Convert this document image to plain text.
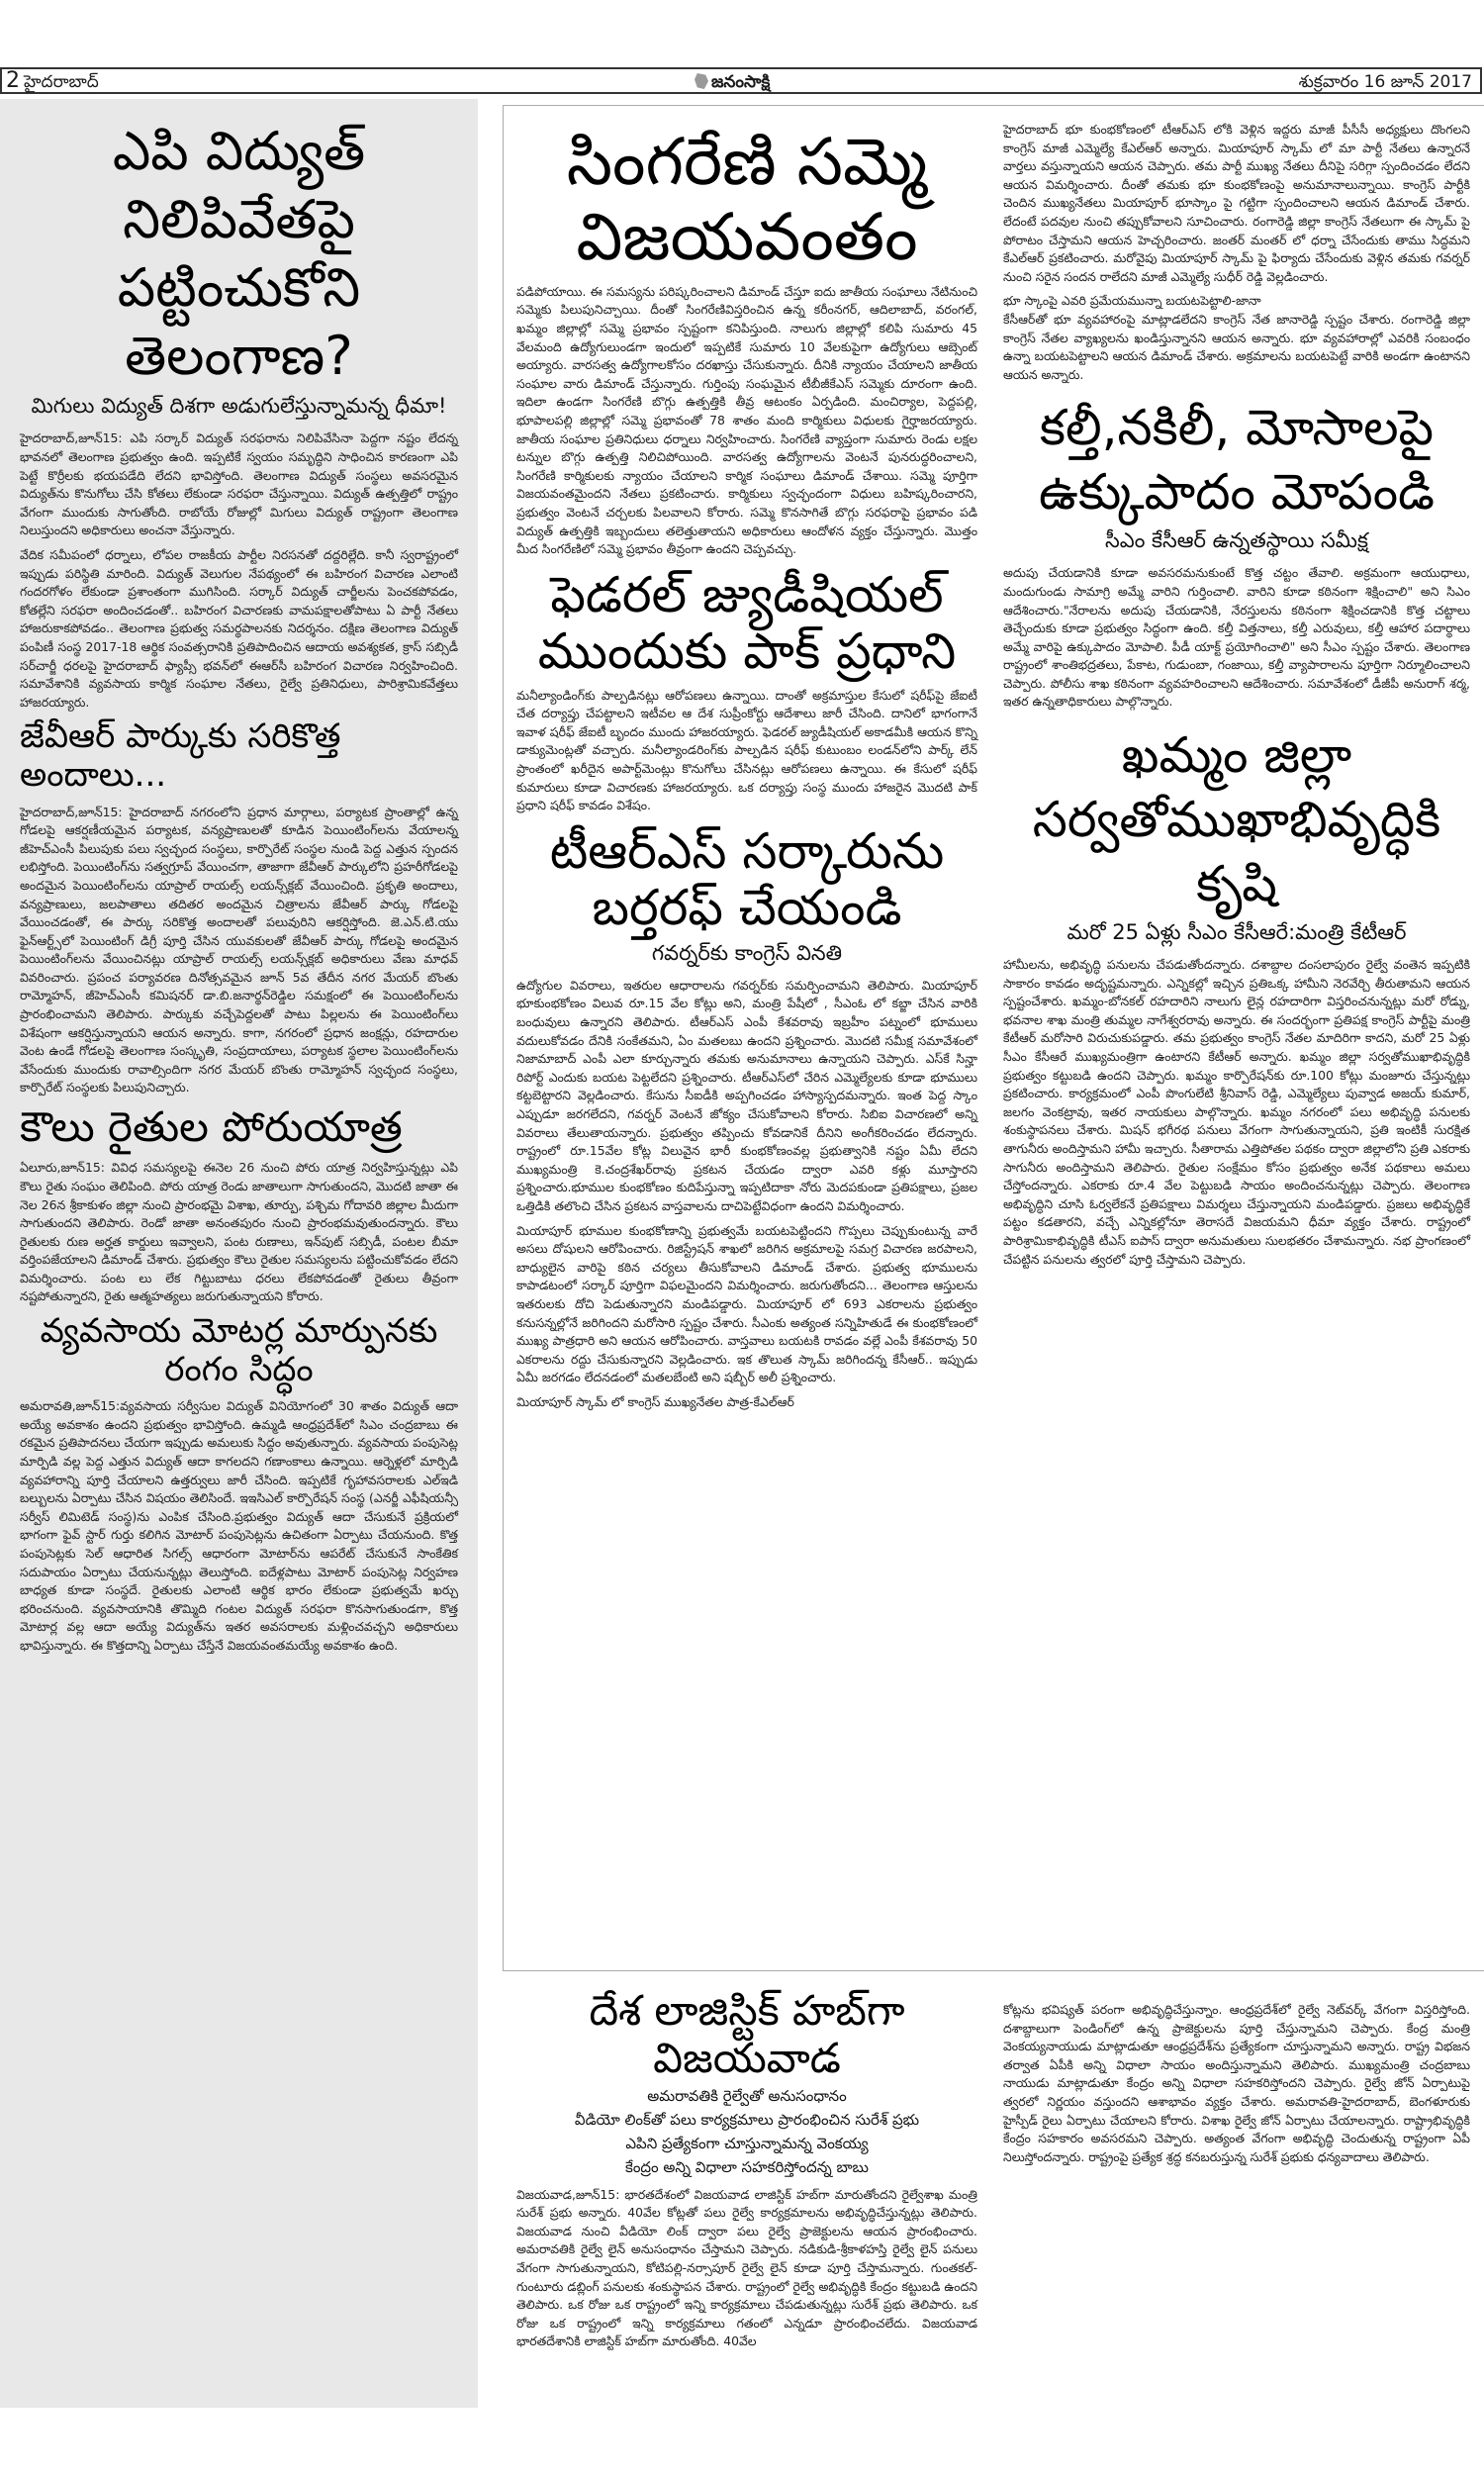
2 హైదరాబాద్	జనంసాక్షి	శుక్రవారం 16 జూన్ 2017
ఎపి విద్యుత్ నిలిపివేతపై పట్టించుకోని తెలంగాణ?
మిగులు విద్యుత్ దిశగా అడుగులేస్తున్నామన్న ధీమా!

హైదరాబాద్,జూన్15: ఎపి సర్కార్ విద్యుత్ సరఫరాను నిలిపివేసినా పెద్దగా నష్టం లేదన్న భావనలో తెలంగాణ ప్రభుత్వం ఉంది. ఇప్పటికే స్వయం సమృద్ధిని సాధించిన కారణంగా ఎపి పెట్టే కొర్రీలకు భయపడేది లేదని భావిస్తోంది. తెలంగాణ విద్యుత్ సంస్థలు అవసరమైన విద్యుత్‌ను కొనుగోలు చేసి కోతలు లేకుండా సరఫరా చేస్తున్నాయి. విద్యుత్ ఉత్పత్తిలో రాష్ట్రం వేగంగా ముందుకు సాగుతోంది. రాబోయే రోజుల్లో మిగులు విద్యుత్ రాష్ట్రంగా తెలంగాణ నిలుస్తుందని అధికారులు అంచనా వేస్తున్నారు.

వేదిక సమీపంలో ధర్నాలు, లోపల రాజకీయ పార్టీల నిరసనతో దద్దరిల్లేది. కానీ స్వరాష్ట్రంలో ఇప్పుడు పరిస్థితి మారింది. విద్యుత్ వెలుగుల నేపథ్యంలో ఈ బహిరంగ విచారణ ఎలాంటి గందరగోళం లేకుండా ప్రశాంతంగా ముగిసింది. సర్కార్ విద్యుత్ చార్జీలను పెంచకపోవడం, కోతల్లేని సరఫరా అందించడంతో.. బహిరంగ విచారణకు వామపక్షాలతోపాటు ఏ పార్టీ నేతలు హాజరుకాకపోవడం.. తెలంగాణ ప్రభుత్వ సమర్థపాలనకు నిదర్శనం. దక్షిణ తెలంగాణ విద్యుత్ పంపిణీ సంస్థ 2017-18 ఆర్థిక సంవత్సరానికి ప్రతిపాదించిన ఆదాయ అవశ్యకత, క్రాస్ సబ్సిడీ సర్‌చార్జీ ధరలపై హైదరాబాద్ ఫ్యాప్సీ భవన్‌లో ఈఆర్‌సీ బహిరంగ విచారణ నిర్వహించింది. సమావేశానికి వ్యవసాయ కార్మిక సంఘాల నేతలు, రైల్వే ప్రతినిధులు, పారిశ్రామికవేత్తలు హాజరయ్యారు.

జేవీఆర్ పార్కుకు సరికొత్త అందాలు...

హైదరాబాద్,జూన్15: హైదరాబాద్ నగరంలోని ప్రధాన మార్గాలు, పర్యాటక ప్రాంతాల్లో ఉన్న గోడలపై ఆకర్షణీయమైన పర్యాటక, వన్యప్రాణులతో కూడిన పెయింటింగ్‌లను వేయాలన్న జీహెచ్‌ఎంసీ పిలుపుకు పలు స్వచ్ఛంద సంస్థలు, కార్పొరేట్ సంస్థల నుండి పెద్ద ఎత్తున స్పందన లభిస్తోంది. పెయింటింగ్‌ను సత్వగ్రూప్ వేయించగా, తాజాగా జేవీఆర్ పార్కులోని ప్రహరీగోడలపై అందమైన పెయింటింగ్‌లను యాప్రాల్ రాయల్స్ లయన్స్‌క్లబ్ వేయించింది. ప్రకృతి అందాలు, వన్యప్రాణులు, జలపాతాలు తదితర అందమైన చిత్రాలను జేవీఆర్ పార్కు గోడలపై వేయించడంతో, ఈ పార్కు సరికొత్త అందాలతో పలువురిని ఆకర్షిస్తోంది. జె.ఎన్.టి.యు ఫైన్‌ఆర్ట్స్‌లో పెయింటింగ్ డిగ్రీ పూర్తి చేసిన యువకులతో జేవీఆర్ పార్కు గోడలపై అందమైన పెయింటింగ్‌లను వేయించినట్లు యాప్రాల్ రాయల్స్ లయన్స్‌క్లబ్ అధికారులు వేణు మాధవ్ వివరించారు. ప్రపంచ పర్యావరణ దినోత్సవమైన జూన్ 5వ తేదీన నగర మేయర్ బొంతు రామ్మోహన్, జీహెచ్‌ఎంసీ కమిషనర్ డా.బి.జనార్థన్‌రెడ్డిల సమక్షంలో ఈ పెయింటింగ్‌లను ప్రారంభించామని తెలిపారు. పార్కుకు వచ్చేపెద్దలతో పాటు పిల్లలను ఈ పెయింటింగ్‌లు విశేషంగా ఆకర్షిస్తున్నాయని ఆయన అన్నారు. కాగా, నగరంలో ప్రధాన జంక్షన్లు, రహదారుల వెంట ఉండే గోడలపై తెలంగాణ సంస్కృతి, సంప్రదాయాలు, పర్యాటక స్థలాల పెయింటింగ్‌లను వేసేందుకు ముందుకు రావాల్సిందిగా నగర మేయర్ బొంతు రామ్మోహన్ స్వచ్ఛంద సంస్థలు, కార్పొరేట్ సంస్థలకు పిలుపునిచ్చారు.

కౌలు రైతుల పోరుయాత్ర

ఏలూరు,జూన్15: వివిధ సమస్యలపై ఈనెల 26 నుంచి పోరు యాత్ర నిర్వహిస్తున్నట్లు ఎపి కౌలు రైతు సంఘం తెలిపింది. పోరు యాత్ర రెండు జాతాలుగా సాగుతుందని, మొదటి జాతా ఈ నెల 26న శ్రీకాకుళం జిల్లా నుంచి ప్రారంభమై విశాఖ, తూర్పు, పశ్చిమ గోదావరి జిల్లాల మీదుగా సాగుతుందని తెలిపారు. రెండో జాతా అనంతపురం నుంచి ప్రారంభమవుతుందన్నారు. కౌలు రైతులకు రుణ అర్హత కార్డులు ఇవ్వాలని, పంట రుణాలు, ఇన్‌పుట్ సబ్సిడీ, పంటల బీమా వర్తింపజేయాలని డిమాండ్ చేశారు. ప్రభుత్వం కౌలు రైతుల సమస్యలను పట్టించుకోవడం లేదని విమర్శించారు. పంట లు లేక గిట్టుబాటు ధరలు లేకపోవడంతో రైతులు తీవ్రంగా నష్టపోతున్నారని, రైతు ఆత్మహత్యలు జరుగుతున్నాయని కోరారు.

వ్యవసాయ మోటర్ల మార్పునకు రంగం సిద్ధం

అమరావతి,జూన్15:వ్యవసాయ సర్వీసుల విద్యుత్ వినియోగంలో 30 శాతం విద్యుత్ ఆదా అయ్యే అవకాశం ఉందని ప్రభుత్వం భావిస్తోంది. ఉమ్మడి ఆంధ్రప్రదేశ్‌లో సిఎం చంద్రబాబు ఈ రకమైన ప్రతిపాదనలు చేయగా ఇప్పుడు అమలుకు సిద్ధం అవుతున్నారు. వ్యవసాయ పంపుసెట్ల మార్పిడి వల్ల పెద్ద ఎత్తున విద్యుత్ ఆదా కాగలదని గణాంకాలు ఉన్నాయి. ఆర్నెళ్లలో మార్పిడి వ్యవహారాన్ని పూర్తి చేయాలని ఉత్తర్వులు జారీ చేసింది. ఇప్పటికే గృహావసరాలకు ఎల్‌ఇడి బల్బులను ఏర్పాటు చేసిన విషయం తెలిసిందే. ఇఇసిఎల్ కార్పొరేషన్ సంస్థ (ఎనర్జీ ఎఫీషియన్సీ సర్వీస్ లిమిటెడ్ సంస్థ)ను ఎంపిక చేసింది.ప్రభుత్వం విద్యుత్ ఆదా చేసుకునే ప్రక్రియలో భాగంగా ఫైవ్ స్టార్ గుర్తు కలిగిన మోటార్ పంపుసెట్లను ఉచితంగా ఏర్పాటు చేయనుంది. కొత్త పంపుసెట్లకు సెల్ ఆధారిత సిగల్స్ ఆధారంగా మోటార్‌ను ఆపరేట్ చేసుకునే సాంకేతిక సదుపాయం ఏర్పాటు చేయనున్నట్లు తెలుస్తోంది. ఐదేళ్లపాటు మోటార్ పంపుసెట్ల నిర్వహణ బాధ్యత కూడా సంస్థదే. రైతులకు ఎలాంటి ఆర్థిక భారం లేకుండా ప్రభుత్వమే ఖర్చు భరించనుంది. వ్యవసాయానికి తొమ్మిది గంటల విద్యుత్ సరఫరా కొనసాగుతుండగా, కొత్త మోటార్ల వల్ల ఆదా అయ్యే విద్యుత్‌ను ఇతర అవసరాలకు మళ్లించవచ్చని అధికారులు భావిస్తున్నారు. ఈ కొత్తదాన్ని ఏర్పాటు చేస్తేనే విజయవంతమయ్యే అవకాశం ఉంది.

సింగరేణి సమ్మె విజయవంతం

పడిపోయాయి. ఈ సమస్యను పరిష్కరించాలని డిమాండ్ చేస్తూ ఐదు జాతీయ సంఘాలు నేటినుంచి సమ్మెకు పిలుపునిచ్చాయి. దీంతో సింగరేణివిస్తరించిన ఉన్న కరీంనగర్, ఆదిలాబాద్, వరంగల్, ఖమ్మం జిల్లాల్లో సమ్మె ప్రభావం స్పష్టంగా కనిపిస్తుంది. నాలుగు జిల్లాల్లో కలిపి సుమారు 45 వేలమంది ఉద్యోగులుండగా ఇందులో ఇప్పటికే సుమారు 10 వేలకుపైగా ఉద్యోగులు ఆబ్సెంట్ అయ్యారు. వారసత్వ ఉద్యోగాలకోసం దరఖాస్తు చేసుకున్నారు. దీనికి న్యాయం చేయాలని జాతీయ సంఘాల వారు డిమాండ్ చేస్తున్నారు. గుర్తింపు సంఘమైన టీబీజీకేఎస్ సమ్మెకు దూరంగా ఉంది. ఇదిలా ఉండగా సింగరేణి బొగ్గు ఉత్పత్తికి తీవ్ర ఆటంకం ఏర్పడింది. మంచిర్యాల, పెద్దపల్లి, భూపాలపల్లి జిల్లాల్లో సమ్మె ప్రభావంతో 78 శాతం మంది కార్మికులు విధులకు గైర్హాజరయ్యారు. జాతీయ సంఘాల ప్రతినిధులు ధర్నాలు నిర్వహించారు. సింగరేణి వ్యాప్తంగా సుమారు రెండు లక్షల టన్నుల బొగ్గు ఉత్పత్తి నిలిచిపోయింది. వారసత్వ ఉద్యోగాలను వెంటనే పునరుద్ధరించాలని, సింగరేణి కార్మికులకు న్యాయం చేయాలని కార్మిక సంఘాలు డిమాండ్ చేశాయి. సమ్మె పూర్తిగా విజయవంతమైందని నేతలు ప్రకటించారు. కార్మికులు స్వచ్ఛందంగా విధులు బహిష్కరించారని, ప్రభుత్వం వెంటనే చర్చలకు పిలవాలని కోరారు. సమ్మె కొనసాగితే బొగ్గు సరఫరాపై ప్రభావం పడి విద్యుత్ ఉత్పత్తికి ఇబ్బందులు తలెత్తుతాయని అధికారులు ఆందోళన వ్యక్తం చేస్తున్నారు. మొత్తం మీద సింగరేణిలో సమ్మె ప్రభావం తీవ్రంగా ఉందని చెప్పవచ్చు.

ఫెడరల్ జ్యుడీషియల్ ముందుకు పాక్ ప్రధాని

మనీల్యాండింగ్‌కు పాల్పడినట్లు ఆరోపణలు ఉన్నాయి. దాంతో అక్రమాస్తుల కేసులో షరీఫ్‌పై జేఐటీ చేత దర్యాప్తు చేపట్టాలని ఇటీవల ఆ దేశ సుప్రీంకోర్టు ఆదేశాలు జారీ చేసింది. దానిలో భాగంగానే ఇవాళ షరీఫ్ జేఐటీ బృందం ముందు హాజరయ్యారు. ఫెడరల్ జ్యుడీషియల్ అకాడమీకి ఆయన కొన్ని డాక్యుమెంట్లతో వచ్చారు. మనీల్యాండరింగ్‌కు పాల్పడిన షరీఫ్ కుటుంబం లండన్‌లోని పార్క్ లేన్ ప్రాంతంలో ఖరీదైన అపార్ట్‌మెంట్లు కొనుగోలు చేసినట్లు ఆరోపణలు ఉన్నాయి. ఈ కేసులో షరీఫ్ కుమారులు కూడా విచారణకు హాజరయ్యారు. ఒక దర్యాప్తు సంస్థ ముందు హాజరైన మొదటి పాక్ ప్రధాని షరీఫ్ కావడం విశేషం.

టీఆర్ఎస్ సర్కారును బర్తరఫ్ చేయండి
గవర్నర్‌కు కాంగ్రెస్ వినతి

ఉద్యోగుల వివరాలు, ఇతరుల ఆధారాలను గవర్నర్‌కు సమర్పించామని తెలిపారు. మియాపూర్ భూకుంభకోణం విలువ రూ.15 వేల కోట్లు అని, మంత్రి పేషీలో , సీఎంఓ లో కబ్జా చేసిన వారికి బంధువులు ఉన్నారని తెలిపారు. టీఆర్ఎస్ ఎంపీ కేశవరావు ఇబ్రహీం పట్నంలో భూములు వదులుకోవడం దేనికి సంకేతమని, ఏం మతలబు ఉందని ప్రశ్నించారు. మొదటి సమీక్ష సమావేశంలో నిజామాబాద్ ఎంపీ ఎలా కూర్చున్నారు తమకు అనుమానాలు ఉన్నాయని చెప్పారు. ఎస్‌కే సిన్హా రిపోర్ట్ ఎందుకు బయట పెట్టలేదని ప్రశ్నించారు. టీఆర్ఎస్‌లో చేరిన ఎమ్మెల్యేలకు కూడా భూములు కట్టబెట్టారని వెల్లడించారు. కేసును సీఐడీకి అప్పగించడం హాస్యాస్పదమన్నారు. ఇంత పెద్ద స్కాం ఎప్పుడూ జరగలేదని, గవర్నర్ వెంటనే జోక్యం చేసుకోవాలని కోరారు. సిబిఐ విచారణలో అన్ని వివరాలు తేలుతాయన్నారు. ప్రభుత్వం తప్పించు కోవడానికే దీనిని అంగీకరించడం లేదన్నారు. రాష్ట్రంలో రూ.15వేల కోట్ల విలువైన భారీ కుంభకోణంవల్ల ప్రభుత్వానికి నష్టం ఏమీ లేదని ముఖ్యమంత్రి కె.చంద్రశేఖర్‌రావు ప్రకటన చేయడం ద్వారా ఎవరి కళ్లు మూస్తారని ప్రశ్నించారు.భూముల కుంభకోణం కుదిపేస్తున్నా ఇప్పటిదాకా నోరు మెదపకుండా ప్రతిపక్షాలు, ప్రజల ఒత్తిడికి తలొంచి చేసిన ప్రకటన వాస్తవాలను దాచిపెట్టేవిధంగా ఉందని విమర్శించారు.

మియాపూర్ భూముల కుంభకోణాన్ని ప్రభుత్వమే బయటపెట్టిందని గొప్పలు చెప్పుకుంటున్న వారే అసలు దోషులని ఆరోపించారు. రిజిస్ట్రేషన్ శాఖలో జరిగిన అక్రమాలపై సమగ్ర విచారణ జరపాలని, బాధ్యులైన వారిపై కఠిన చర్యలు తీసుకోవాలని డిమాండ్ చేశారు. ప్రభుత్వ భూములను కాపాడటంలో సర్కార్ పూర్తిగా విఫలమైందని విమర్శించారు. జరుగుతోందని... తెలంగాణ ఆస్తులను ఇతరులకు దోచి పెడుతున్నారని మండిపడ్డారు. మియాపూర్ లో 693 ఎకరాలను ప్రభుత్వం కనుసన్నల్లోనే జరిగిందని మరోసారి స్పష్టం చేశారు. సీఎంకు అత్యంత సన్నిహితుడే ఈ కుంభకోణంలో ముఖ్య పాత్రధారి అని ఆయన ఆరోపించారు. వాస్తవాలు బయటకి రావడం వల్లే ఎంపీ కేశవరావు 50 ఎకరాలను రద్దు చేసుకున్నారని వెల్లడించారు. ఇక తొలుత స్కామ్ జరిగిందన్న కేసీఆర్.. ఇప్పుడు ఏమీ జరగడం లేదనడంలో మతలబేంటి అని షబ్బీర్ అలీ ప్రశ్నించారు.

మియాపూర్ స్కామ్ లో కాంగ్రెస్ ముఖ్యనేతల పాత్ర-కేఎల్ఆర్

హైదరాబాద్ భూ కుంభకోణంలో టీఆర్ఎస్ లోకి వెళ్లిన ఇద్దరు మాజీ పీసీసీ అధ్యక్షులు దొంగలని కాంగ్రెస్ మాజీ ఎమ్మెల్యే కేఎల్ఆర్ అన్నారు. మియాపూర్ స్కామ్ లో మా పార్టీ నేతలు ఉన్నారనే వార్తలు వస్తున్నాయని ఆయన చెప్పారు. తమ పార్టీ ముఖ్య నేతలు దీనిపై సరిగ్గా స్పందించడం లేదని ఆయన విమర్శించారు. దీంతో తమకు భూ కుంభకోణంపై అనుమానాలున్నాయి. కాంగ్రెస్ పార్టీకి చెందిన ముఖ్యనేతలు మియాపూర్ భూస్కాం పై గట్టిగా స్పందించాలని ఆయన డిమాండ్ చేశారు. లేదంటే పదవుల నుంచి తప్పుకోవాలని సూచించారు. రంగారెడ్డి జిల్లా కాంగ్రెస్ నేతలుగా ఈ స్కామ్ పై పోరాటం చేస్తామని ఆయన హెచ్చరించారు. జంతర్ మంతర్ లో ధర్నా చేసేందుకు తాము సిద్ధమని కేఎల్ఆర్ ప్రకటించారు. మరోవైపు మియాపూర్ స్కామ్ పై ఫిర్యాదు చేసేందుకు వెళ్లిన తమకు గవర్నర్ నుంచి సరైన సందన రాలేదని మాజీ ఎమ్మెల్యే సుధీర్ రెడ్డి వెల్లడించారు.

భూ స్కాంపై ఎవరి ప్రమేయమున్నా బయటపెట్టాలి-జానా

కేసీఆర్‌తో భూ వ్యవహారంపై మాట్లాడలేదని కాంగ్రెస్ నేత జానారెడ్డి స్పష్టం చేశారు. రంగారెడ్డి జిల్లా కాంగ్రెస్ నేతల వ్యాఖ్యలను ఖండిస్తున్నానని ఆయన అన్నారు. భూ వ్యవహారాల్లో ఎవరికి సంబంధం ఉన్నా బయటపెట్టాలని ఆయన డిమాండ్ చేశారు. అక్రమాలను బయటపెట్టే వారికి అండగా ఉంటానని ఆయన అన్నారు.

కల్తీ,నకిలీ, మోసాలపై ఉక్కుపాదం మోపండి
సీఎం కేసీఆర్ ఉన్నతస్థాయి సమీక్ష

అదుపు చేయడానికి కూడా అవసరమనుకుంటే కొత్త చట్టం తేవాలి. అక్రమంగా ఆయుధాలు, మందుగుండు సామాగ్రి అమ్మే వారిని గుర్తించాలి. వారిని కూడా కఠినంగా శిక్షించాలి" అని సిఎం ఆదేశించారు."నేరాలను అదుపు చేయడానికి, నేరస్తులను కఠినంగా శిక్షించడానికి కొత్త చట్టాలు తెచ్చేందుకు కూడా ప్రభుత్వం సిద్ధంగా ఉంది. కల్తీ విత్తనాలు, కల్తీ ఎరువులు, కల్తీ ఆహార పదార్థాలు అమ్మే వారిపై ఉక్కుపాదం మోపాలి. పీడీ యాక్ట్ ప్రయోగించాలి" అని సీఎం స్పష్టం చేశారు. తెలంగాణ రాష్ట్రంలో శాంతిభద్రతలు, పేకాట, గుడుంబా, గంజాయి, కల్తీ వ్యాపారాలను పూర్తిగా నిర్మూలించాలని చెప్పారు. పోలీసు శాఖ కఠినంగా వ్యవహరించాలని ఆదేశించారు. సమావేశంలో డీజీపీ అనురాగ్ శర్మ, ఇతర ఉన్నతాధికారులు పాల్గొన్నారు.

ఖమ్మం జిల్లా సర్వతోముఖాభివృద్ధికి కృషి
మరో 25 ఏళ్లు సీఎం కేసీఆరే:మంత్రి కేటీఆర్

హామీలను, అభివృద్ధి పనులను చేపడుతోందన్నారు. దశాబ్దాల దంసలాపురం రైల్వే వంతెన ఇప్పటికి సాకారం కావడం అదృష్టమన్నారు. ఎన్నికల్లో ఇచ్చిన ప్రతిఒక్క హామీని నెరవేర్చి తీరుతామని ఆయన స్పష్టంచేశారు. ఖమ్మం-బోనకల్ రహదారిని నాలుగు లైన్ల రహదారిగా విస్తరించనున్నట్లు మరో రోడ్ను, భవనాల శాఖ మంత్రి తుమ్మల నాగేశ్వరరావు అన్నారు. ఈ సందర్భంగా ప్రతిపక్ష కాంగ్రెస్ పార్టీపై మంత్రి కేటీఆర్ మరోసారి విరుచుకుపడ్డారు. తమ ప్రభుత్వం కాంగ్రెస్ నేతల మాదిరిగా కాదని, మరో 25 ఏళ్లు సీఎం కేసీఆరే ముఖ్యమంత్రిగా ఉంటారని కేటీఆర్ అన్నారు. ఖమ్మం జిల్లా సర్వతోముఖాభివృద్ధికి ప్రభుత్వం కట్టుబడి ఉందని చెప్పారు. ఖమ్మం కార్పొరేషన్‌కు రూ.100 కోట్లు మంజూరు చేస్తున్నట్లు ప్రకటించారు. కార్యక్రమంలో ఎంపీ పొంగులేటి శ్రీనివాస్ రెడ్డి, ఎమ్మెల్యేలు పువ్వాడ అజయ్ కుమార్, జలగం వెంకట్రావు, ఇతర నాయకులు పాల్గొన్నారు. ఖమ్మం నగరంలో పలు అభివృద్ధి పనులకు శంకుస్థాపనలు చేశారు. మిషన్ భగీరథ పనులు వేగంగా సాగుతున్నాయని, ప్రతి ఇంటికీ సురక్షిత తాగునీరు అందిస్తామని హామీ ఇచ్చారు. సీతారామ ఎత్తిపోతల పథకం ద్వారా జిల్లాలోని ప్రతి ఎకరాకు సాగునీరు అందిస్తామని తెలిపారు. రైతుల సంక్షేమం కోసం ప్రభుత్వం అనేక పథకాలు అమలు చేస్తోందన్నారు. ఎకరాకు రూ.4 వేల పెట్టుబడి సాయం అందించనున్నట్లు చెప్పారు. తెలంగాణ అభివృద్ధిని చూసి ఓర్వలేకనే ప్రతిపక్షాలు విమర్శలు చేస్తున్నాయని మండిపడ్డారు. ప్రజలు అభివృద్ధికే పట్టం కడతారని, వచ్చే ఎన్నికల్లోనూ తెరాసదే విజయమని ధీమా వ్యక్తం చేశారు. రాష్ట్రంలో పారిశ్రామికాభివృద్ధికి టీఎస్ ఐపాస్ ద్వారా అనుమతులు సులభతరం చేశామన్నారు. నభ ప్రాంగణంలో చేపట్టిన పనులను త్వరలో పూర్తి చేస్తామని చెప్పారు.

దేశ లాజిస్టిక్ హబ్‌గా విజయవాడ
అమరావతికి రైల్వేతో అనుసంధానం
వీడియో లింక్‌తో పలు కార్యక్రమాలు ప్రారంభించిన సురేశ్ ప్రభు
ఎపిని ప్రత్యేకంగా చూస్తున్నామన్న వెంకయ్య
కేంద్రం అన్ని విధాలా సహకరిస్తోందన్న బాబు

విజయవాడ,జూన్15: భారతదేశంలో విజయవాడ లాజిస్టిక్ హబ్‌గా మారుతోందని రైల్వేశాఖ మంత్రి సురేశ్ ప్రభు అన్నారు. 40వేల కోట్లతో పలు రైల్వే కార్యక్రమాలను అభివృద్ధిచేస్తున్నట్లు తెలిపారు. విజయవాడ నుంచి వీడియో లింక్ ద్వారా పలు రైల్వే ప్రాజెక్టులను ఆయన ప్రారంభించారు. అమరావతికి రైల్వే లైన్ అనుసంధానం చేస్తామని చెప్పారు. నడికుడి-శ్రీకాళహస్తి రైల్వే లైన్ పనులు వేగంగా సాగుతున్నాయని, కోటిపల్లి-నర్సాపూర్ రైల్వే లైన్ కూడా పూర్తి చేస్తామన్నారు. గుంతకల్-గుంటూరు డబ్లింగ్ పనులకు శంకుస్థాపన చేశారు. రాష్ట్రంలో రైల్వే అభివృద్ధికి కేంద్రం కట్టుబడి ఉందని తెలిపారు. ఒక రోజు ఒక రాష్ట్రంలో ఇన్ని కార్యక్రమాలు చేపడుతున్నట్లు సురేశ్ ప్రభు తెలిపారు. ఒక రోజు ఒక రాష్ట్రంలో ఇన్ని కార్యక్రమాలు గతంలో ఎన్నడూ ప్రారంభించలేదు. విజయవాడ భారతదేశానికి లాజిస్టిక్ హబ్‌గా మారుతోంది. 40వేల

కోట్లను భవిష్యత్ పరంగా అభివృద్ధిచేస్తున్నాం. ఆంధ్రప్రదేశ్‌లో రైల్వే నెట్‌వర్క్ వేగంగా విస్తరిస్తోంది. దశాబ్దాలుగా పెండింగ్‌లో ఉన్న ప్రాజెక్టులను పూర్తి చేస్తున్నామని చెప్పారు. కేంద్ర మంత్రి వెంకయ్యనాయుడు మాట్లాడుతూ ఆంధ్రప్రదేశ్‌ను ప్రత్యేకంగా చూస్తున్నామని అన్నారు. రాష్ట్ర విభజన తర్వాత ఏపీకి అన్ని విధాలా సాయం అందిస్తున్నామని తెలిపారు. ముఖ్యమంత్రి చంద్రబాబు నాయుడు మాట్లాడుతూ కేంద్రం అన్ని విధాలా సహకరిస్తోందని చెప్పారు. రైల్వే జోన్ ఏర్పాటుపై త్వరలో నిర్ణయం వస్తుందని ఆశాభావం వ్యక్తం చేశారు. అమరావతి-హైదరాబాద్, బెంగళూరుకు హైస్పీడ్ రైలు ఏర్పాటు చేయాలని కోరారు. విశాఖ రైల్వే జోన్ ఏర్పాటు చేయాలన్నారు. రాష్ట్రాభివృద్ధికి కేంద్రం సహకారం అవసరమని చెప్పారు. అత్యంత వేగంగా అభివృద్ధి చెందుతున్న రాష్ట్రంగా ఏపీ నిలుస్తోందన్నారు. రాష్ట్రంపై ప్రత్యేక శ్రద్ధ కనబరుస్తున్న సురేశ్ ప్రభుకు ధన్యవాదాలు తెలిపారు.
